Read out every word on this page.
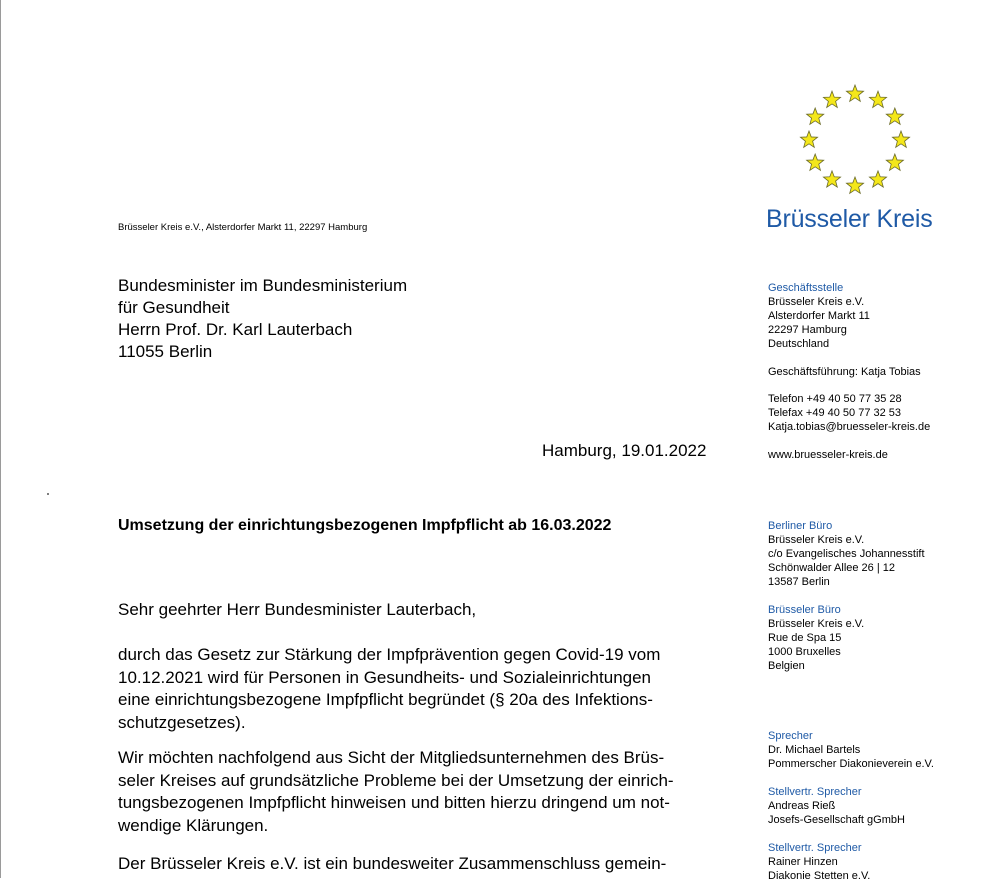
Brüsseler Kreis
Brüsseler Kreis e.V., Alsterdorfer Markt 11, 22297 Hamburg
Bundesminister im Bundesministerium
für Gesundheit
Herrn Prof. Dr. Karl Lauterbach
11055 Berlin
Hamburg, 19.01.2022
Umsetzung der einrichtungsbezogenen Impfpflicht ab 16.03.2022
Sehr geehrter Herr Bundesminister Lauterbach,
durch das Gesetz zur Stärkung der Impfprävention gegen Covid-19 vom
10.12.2021 wird für Personen in Gesundheits- und Sozialeinrichtungen
eine einrichtungsbezogene Impfpflicht begründet (§ 20a des Infektions-
schutzgesetzes).
Wir möchten nachfolgend aus Sicht der Mitgliedsunternehmen des Brüs-
seler Kreises auf grundsätzliche Probleme bei der Umsetzung der einrich-
tungsbezogenen Impfpflicht hinweisen und bitten hierzu dringend um not-
wendige Klärungen.
Der Brüsseler Kreis e.V. ist ein bundesweiter Zusammenschluss gemein-
Geschäftsstelle
Brüsseler Kreis e.V.
Alsterdorfer Markt 11
22297 Hamburg
Deutschland
Geschäftsführung: Katja Tobias
Telefon +49 40 50 77 35 28
Telefax +49 40 50 77 32 53
Katja.tobias@bruesseler-kreis.de
www.bruesseler-kreis.de
Berliner Büro
Brüsseler Kreis e.V.
c/o Evangelisches Johannesstift
Schönwalder Allee 26 | 12
13587 Berlin
Brüsseler Büro
Brüsseler Kreis e.V.
Rue de Spa 15
1000 Bruxelles
Belgien
Sprecher
Dr. Michael Bartels
Pommerscher Diakonieverein e.V.
Stellvertr. Sprecher
Andreas Rieß
Josefs-Gesellschaft gGmbH
Stellvertr. Sprecher
Rainer Hinzen
Diakonie Stetten e.V.
